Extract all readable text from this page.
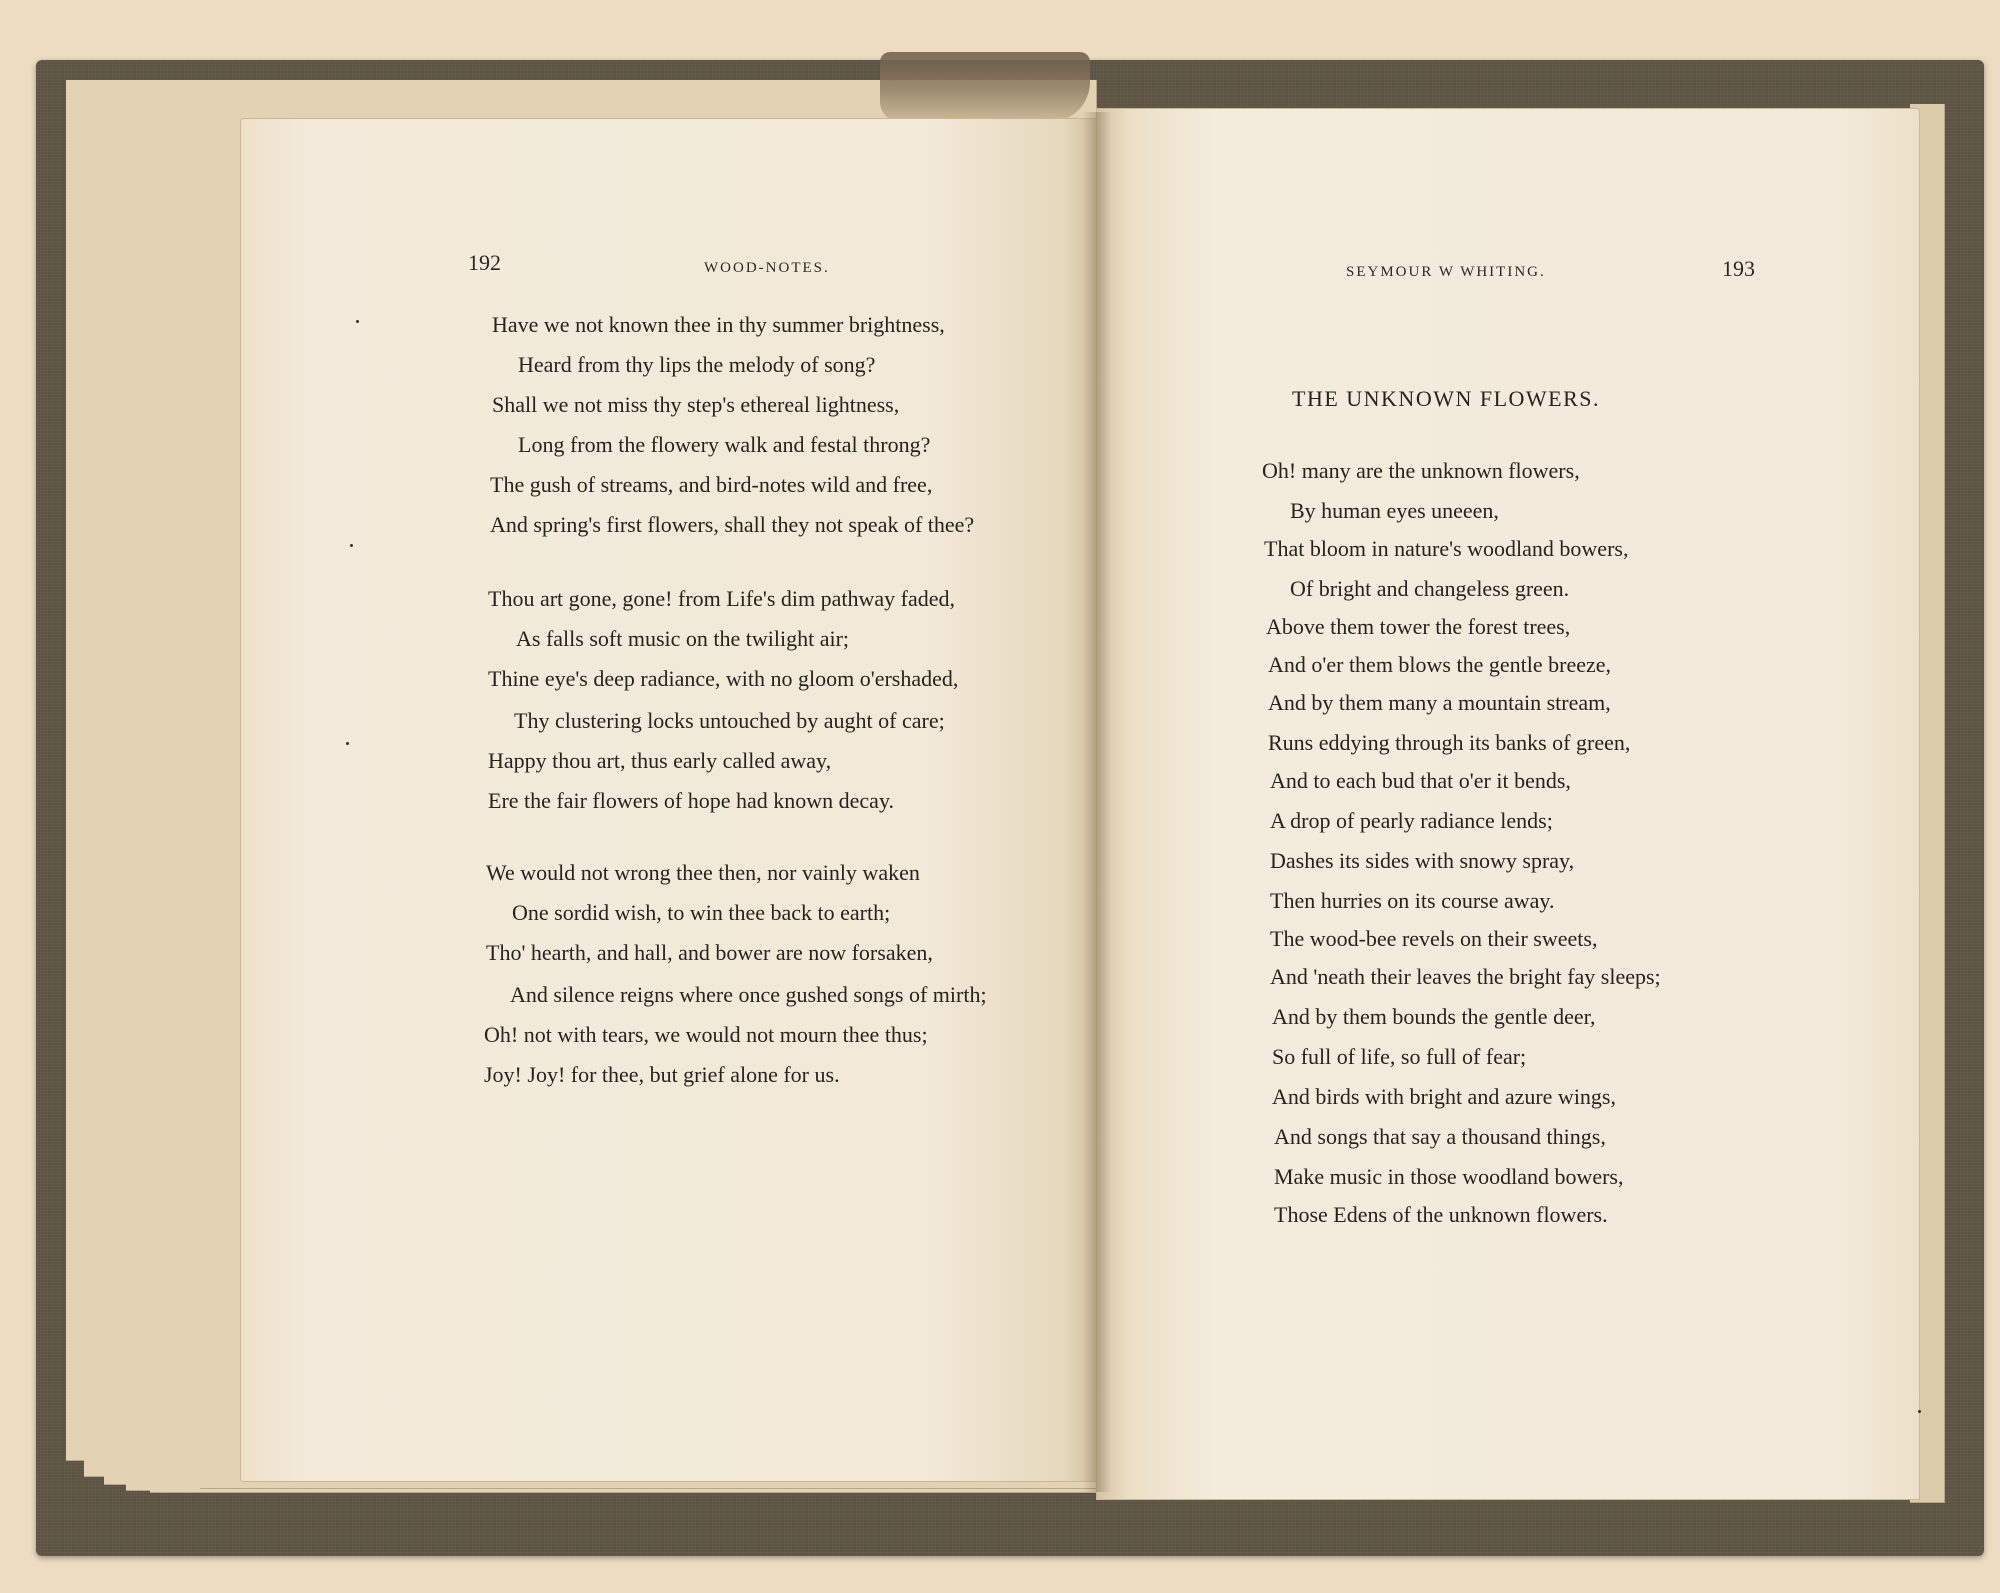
192	WOOD-NOTES.	SEYMOUR W WHITING.	193
Have we not known thee in thy summer brightness,
Heard from thy lips the melody of song?
Shall we not miss thy step's ethereal lightness,
Long from the flowery walk and festal throng?
The gush of streams, and bird-notes wild and free,
And spring's first flowers, shall they not speak of thee?
Thou art gone, gone! from Life's dim pathway faded,
As falls soft music on the twilight air;
Thine eye's deep radiance, with no gloom o'ershaded,
Thy clustering locks untouched by aught of care;
Happy thou art, thus early called away,
Ere the fair flowers of hope had known decay.
We would not wrong thee then, nor vainly waken
One sordid wish, to win thee back to earth;
Tho' hearth, and hall, and bower are now forsaken,
And silence reigns where once gushed songs of mirth;
Oh! not with tears, we would not mourn thee thus;
Joy! Joy! for thee, but grief alone for us.
THE UNKNOWN FLOWERS.
Oh! many are the unknown flowers,
By human eyes uneeen,
That bloom in nature's woodland bowers,
Of bright and changeless green.
Above them tower the forest trees,
And o'er them blows the gentle breeze,
And by them many a mountain stream,
Runs eddying through its banks of green,
And to each bud that o'er it bends,
A drop of pearly radiance lends;
Dashes its sides with snowy spray,
Then hurries on its course away.
The wood-bee revels on their sweets,
And 'neath their leaves the bright fay sleeps;
And by them bounds the gentle deer,
So full of life, so full of fear;
And birds with bright and azure wings,
And songs that say a thousand things,
Make music in those woodland bowers,
Those Edens of the unknown flowers.
